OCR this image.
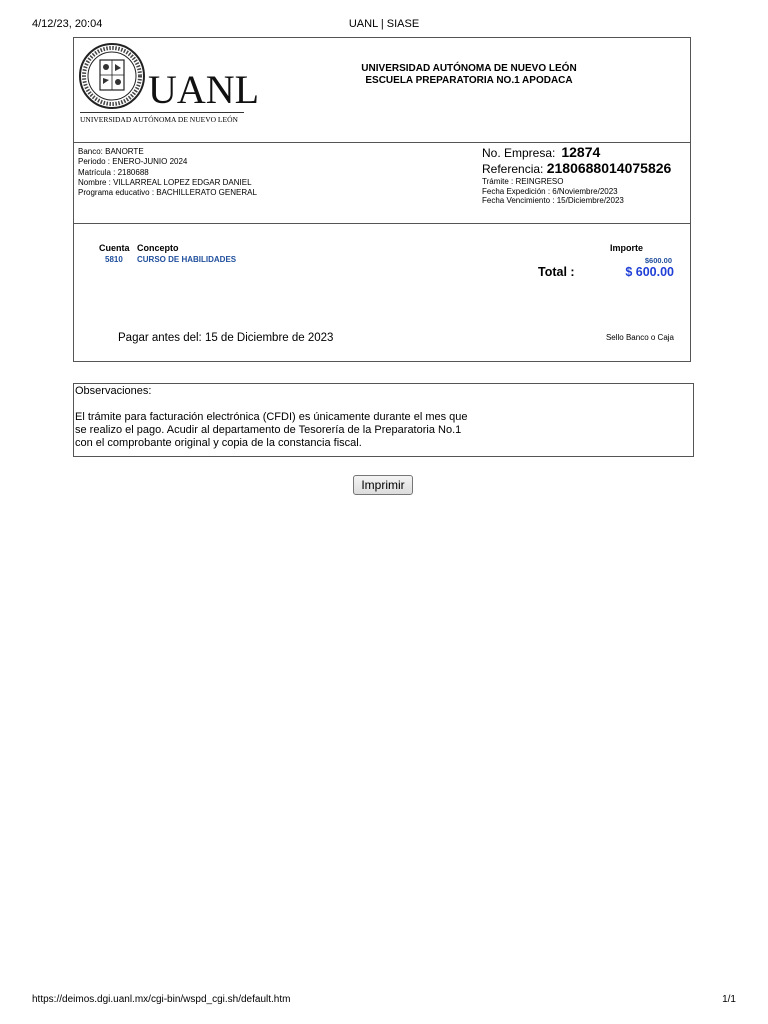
4/12/23, 20:04	UANL | SIASE
UANL
UNIVERSIDAD AUTÓNOMA DE NUEVO LEÓN
UNIVERSIDAD AUTÓNOMA DE NUEVO LEÓN
ESCUELA PREPARATORIA NO.1 APODACA
Banco: BANORTE
Periodo : ENERO-JUNIO 2024
Matrícula : 2180688
Nombre : VILLARREAL LOPEZ EDGAR DANIEL
Programa educativo : BACHILLERATO GENERAL
No. Empresa: 12874
Referencia: 2180688014075826
Trámite : REINGRESO
Fecha Expedición : 6/Noviembre/2023
Fecha Vencimiento : 15/Diciembre/2023
Cuenta Concepto	Importe
5810 CURSO DE HABILIDADES	$600.00
Total :	$ 600.00
Pagar antes del: 15 de Diciembre de 2023	Sello Banco o Caja
Observaciones:
El trámite para facturación electrónica (CFDI) es únicamente durante el mes que
se realizo el pago. Acudir al departamento de Tesorería de la Preparatoria No.1
con el comprobante original y copia de la constancia fiscal.
Imprimir
https://deimos.dgi.uanl.mx/cgi-bin/wspd_cgi.sh/default.htm	1/1
